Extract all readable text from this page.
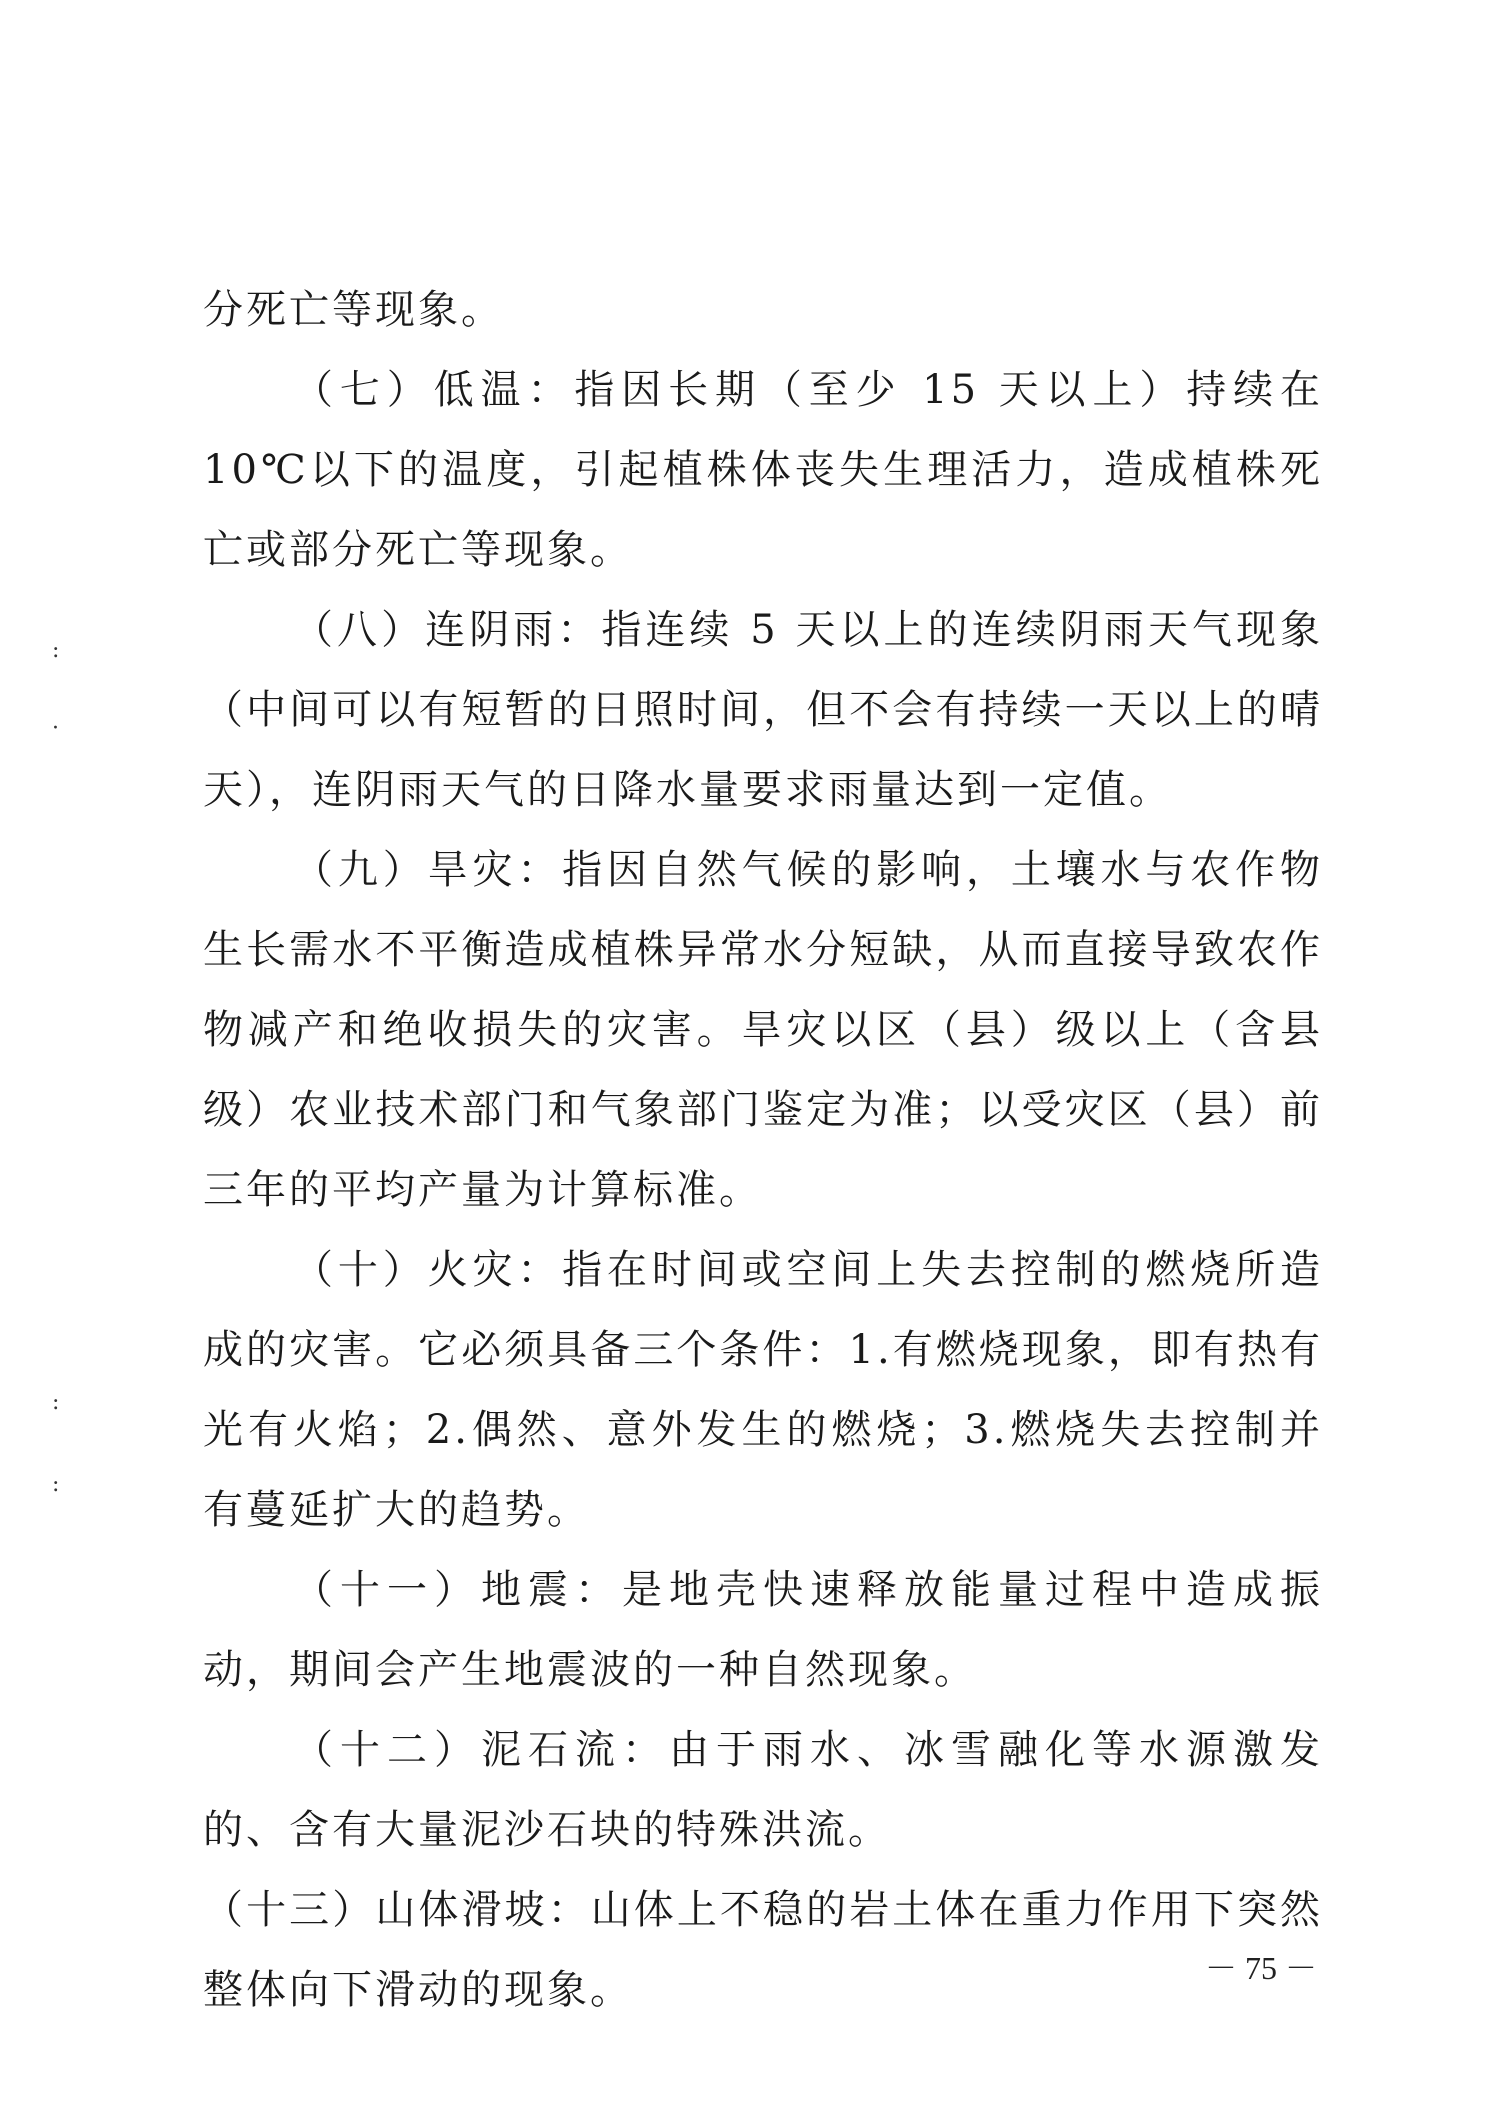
分死亡等现象。

（七）低温：指因长期（至少 15 天以上）持续在 10℃以下的温度，引起植株体丧失生理活力，造成植株死亡或部分死亡等现象。

（八）连阴雨：指连续 5 天以上的连续阴雨天气现象（中间可以有短暂的日照时间，但不会有持续一天以上的晴天），连阴雨天气的日降水量要求雨量达到一定值。

（九）旱灾：指因自然气候的影响，土壤水与农作物生长需水不平衡造成植株异常水分短缺，从而直接导致农作物减产和绝收损失的灾害。旱灾以区（县）级以上（含县级）农业技术部门和气象部门鉴定为准；以受灾区（县）前三年的平均产量为计算标准。

（十）火灾：指在时间或空间上失去控制的燃烧所造成的灾害。它必须具备三个条件：1.有燃烧现象，即有热有光有火焰；2.偶然、意外发生的燃烧；3.燃烧失去控制并有蔓延扩大的趋势。

（十一）地震：是地壳快速释放能量过程中造成振动，期间会产生地震波的一种自然现象。

（十二）泥石流：由于雨水、冰雪融化等水源激发的、含有大量泥沙石块的特殊洪流。

（十三）山体滑坡：山体上不稳的岩土体在重力作用下突然整体向下滑动的现象。	－ 75 －
:
·
:
:
